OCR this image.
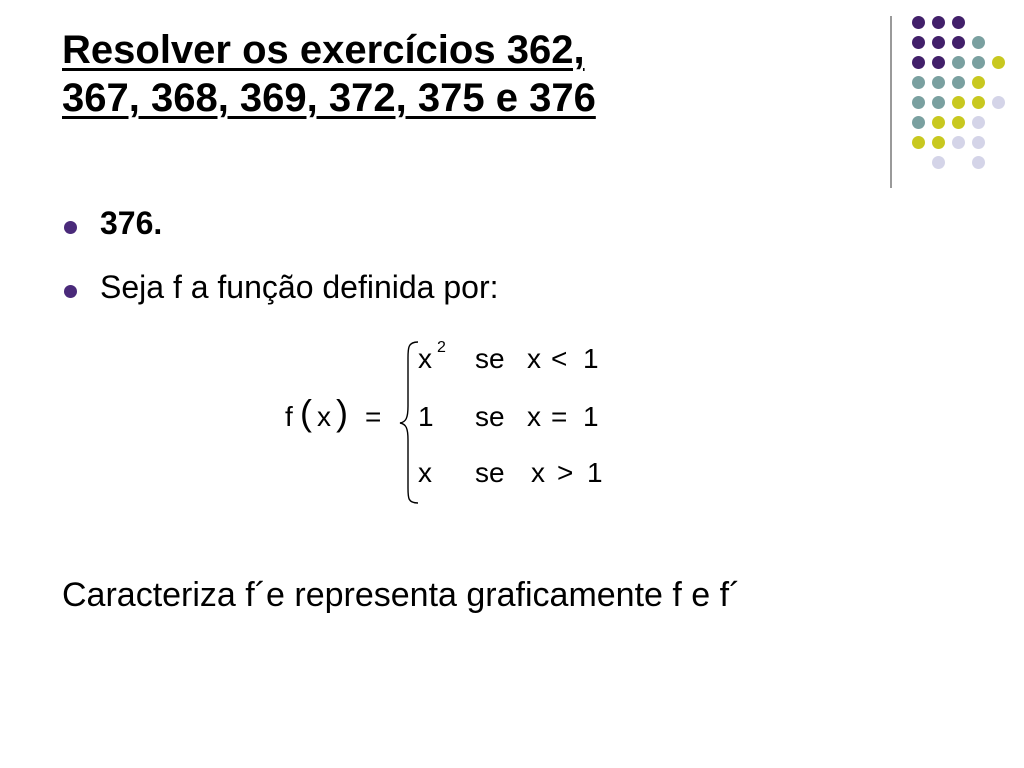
Resolver os exercícios 362,
367, 368, 369, 372, 375 e 376
376.
Seja f a função definida por:
f ( x ) =
x 2 se x < 1
1 se x = 1
x se x > 1

Caracteriza f´e representa graficamente f e f´
